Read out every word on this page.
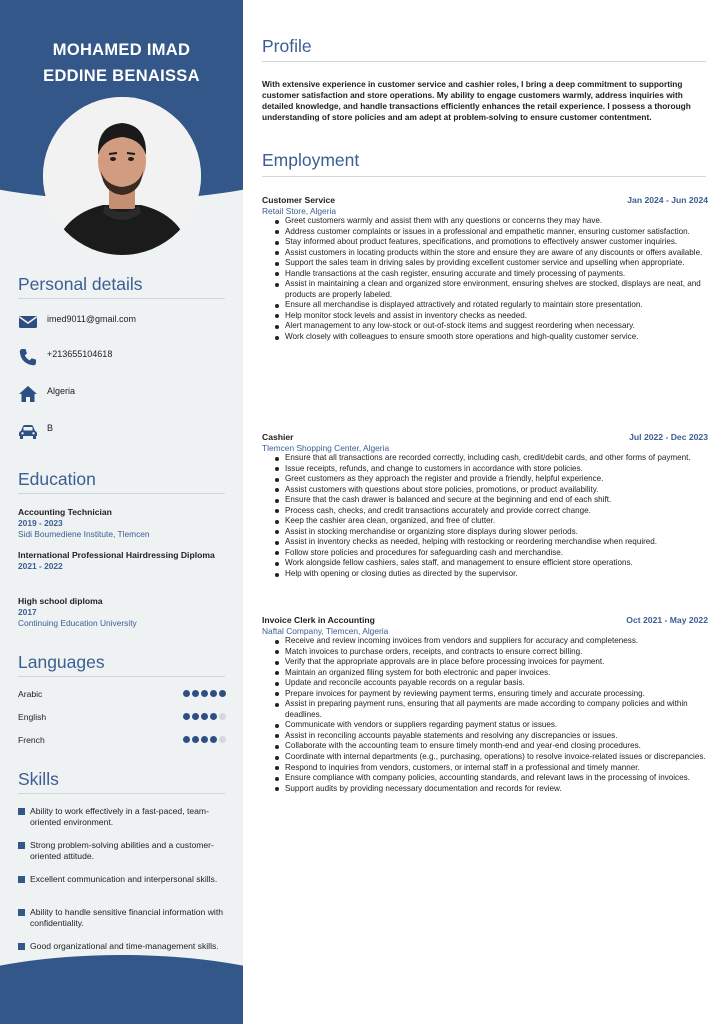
MOHAMED IMAD
EDDINE BENAISSA
Personal details
imed9011@gmail.com
+213655104618
Algeria
B
Education
Accounting Technician
2019 - 2023
Sidi Boumediene Institute, Tlemcen
International Professional Hairdressing Diploma
2021 - 2022
High school diploma
2017
Continuing Education University
Languages
Arabic
English
French
Skills
Ability to work effectively in a fast-paced, team-oriented environment.
Strong problem-solving abilities and a customer-oriented attitude.
Excellent communication and interpersonal skills.
Ability to handle sensitive financial information with confidentiality.
Good organizational and time-management skills.
Profile
With extensive experience in customer service and cashier roles, I bring a deep commitment to supporting customer satisfaction and store operations. My ability to engage customers warmly, address inquiries with detailed knowledge, and handle transactions efficiently enhances the retail experience. I possess a thorough understanding of store policies and am adept at problem-solving to ensure customer contentment.
Employment
Customer Service	Jan 2024 - Jun 2024
Retail Store, Algeria
Greet customers warmly and assist them with any questions or concerns they may have.
Address customer complaints or issues in a professional and empathetic manner, ensuring customer satisfaction.
Stay informed about product features, specifications, and promotions to effectively answer customer inquiries.
Assist customers in locating products within the store and ensure they are aware of any discounts or offers available.
Support the sales team in driving sales by providing excellent customer service and upselling when appropriate.
Handle transactions at the cash register, ensuring accurate and timely processing of payments.
Assist in maintaining a clean and organized store environment, ensuring shelves are stocked, displays are neat, and products are properly labeled.
Ensure all merchandise is displayed attractively and rotated regularly to maintain store presentation.
Help monitor stock levels and assist in inventory checks as needed.
Alert management to any low-stock or out-of-stock items and suggest reordering when necessary.
Work closely with colleagues to ensure smooth store operations and high-quality customer service.
Cashier	Jul 2022 - Dec 2023
Tlemcen Shopping Center, Algeria
Ensure that all transactions are recorded correctly, including cash, credit/debit cards, and other forms of payment.
Issue receipts, refunds, and change to customers in accordance with store policies.
Greet customers as they approach the register and provide a friendly, helpful experience.
Assist customers with questions about store policies, promotions, or product availability.
Ensure that the cash drawer is balanced and secure at the beginning and end of each shift.
Process cash, checks, and credit transactions accurately and provide correct change.
Keep the cashier area clean, organized, and free of clutter.
Assist in stocking merchandise or organizing store displays during slower periods.
Assist in inventory checks as needed, helping with restocking or reordering merchandise when required.
Follow store policies and procedures for safeguarding cash and merchandise.
Work alongside fellow cashiers, sales staff, and management to ensure efficient store operations.
Help with opening or closing duties as directed by the supervisor.
Invoice Clerk in Accounting	Oct 2021 - May 2022
Naftal Company, Tlemcen, Algeria
Receive and review incoming invoices from vendors and suppliers for accuracy and completeness.
Match invoices to purchase orders, receipts, and contracts to ensure correct billing.
Verify that the appropriate approvals are in place before processing invoices for payment.
Maintain an organized filing system for both electronic and paper invoices.
Update and reconcile accounts payable records on a regular basis.
Prepare invoices for payment by reviewing payment terms, ensuring timely and accurate processing.
Assist in preparing payment runs, ensuring that all payments are made according to company policies and within deadlines.
Communicate with vendors or suppliers regarding payment status or issues.
Assist in reconciling accounts payable statements and resolving any discrepancies or issues.
Collaborate with the accounting team to ensure timely month-end and year-end closing procedures.
Coordinate with internal departments (e.g., purchasing, operations) to resolve invoice-related issues or discrepancies.
Respond to inquiries from vendors, customers, or internal staff in a professional and timely manner.
Ensure compliance with company policies, accounting standards, and relevant laws in the processing of invoices.
Support audits by providing necessary documentation and records for review.
